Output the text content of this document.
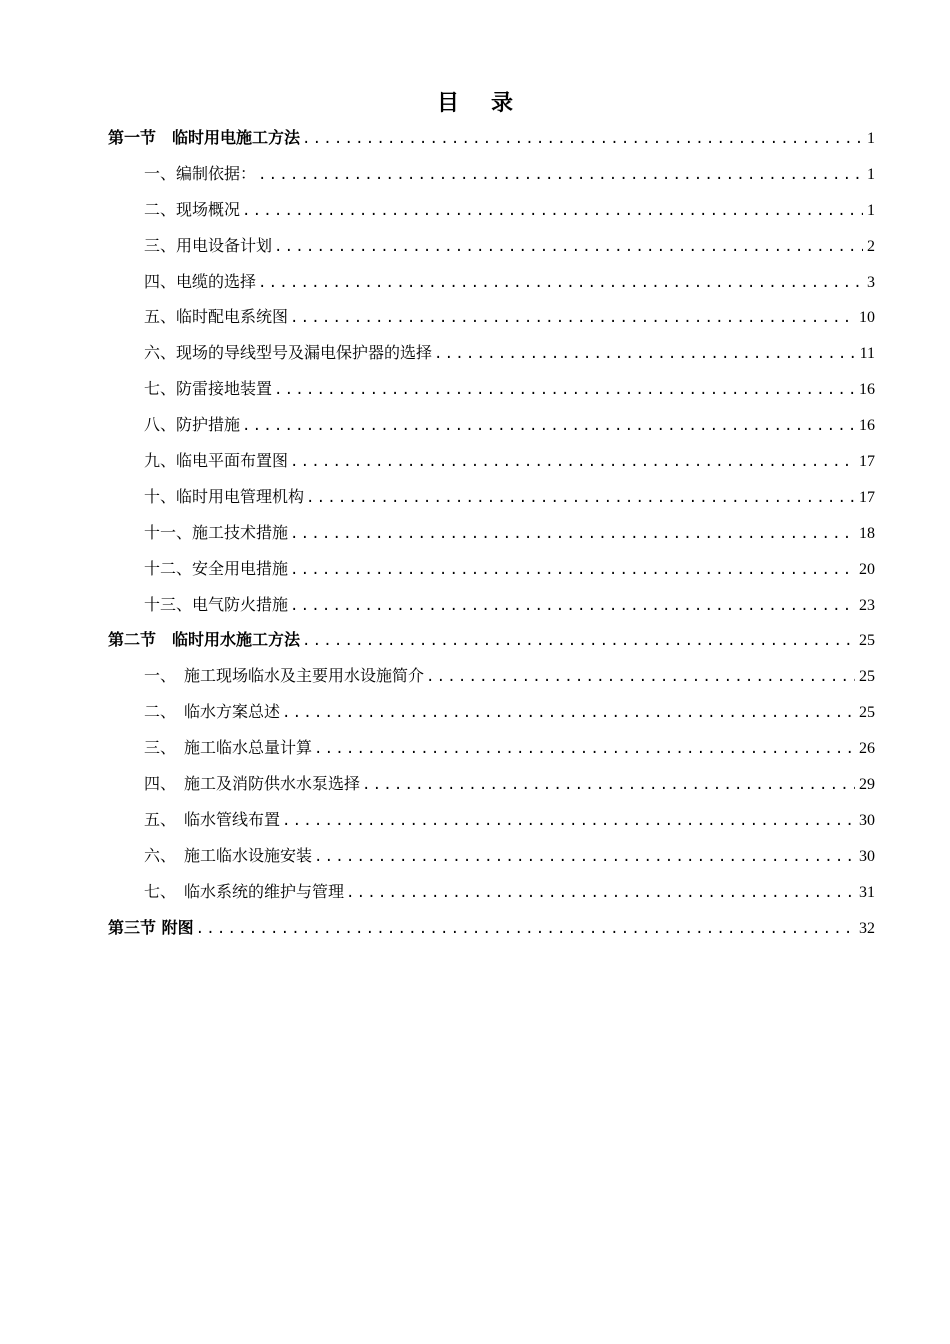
目 录
第一节　临时用电施工方法 .....	1
一、编制依据： .....	1
二、现场概况 .....	1
三、用电设备计划 .....	2
四、电缆的选择 .....	3
五、临时配电系统图 .....	10
六、现场的导线型号及漏电保护器的选择 .....	11
七、防雷接地装置 .....	16
八、防护措施 .....	16
九、临电平面布置图 .....	17
十、临时用电管理机构 .....	17
十一、施工技术措施 .....	18
十二、安全用电措施 .....	20
十三、电气防火措施 .....	23
第二节　临时用水施工方法 .....	25
一、　施工现场临水及主要用水设施简介 .....	25
二、　临水方案总述 .....	25
三、　施工临水总量计算 .....	26
四、　施工及消防供水水泵选择 .....	29
五、　临水管线布置 .....	30
六、　施工临水设施安装 .....	30
七、　临水系统的维护与管理 .....	31
第三节 附图 .....	32
